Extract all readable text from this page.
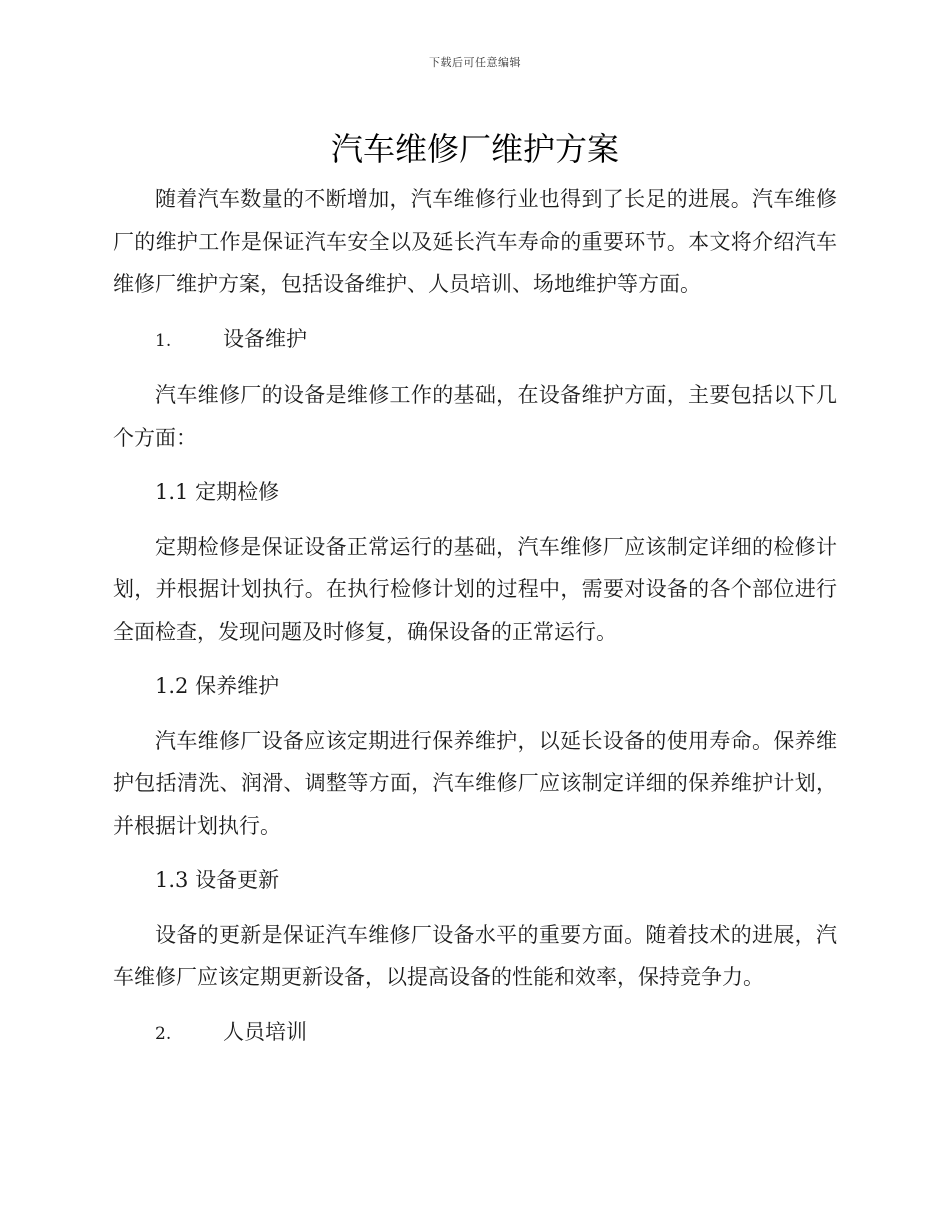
下载后可任意编辑
汽车维修厂维护方案

随着汽车数量的不断增加，汽车维修行业也得到了长足的进展。汽车维修厂的维护工作是保证汽车安全以及延长汽车寿命的重要环节。本文将介绍汽车维修厂维护方案，包括设备维护、人员培训、场地维护等方面。

1. 设备维护

汽车维修厂的设备是维修工作的基础，在设备维护方面，主要包括以下几个方面：

1.1 定期检修

定期检修是保证设备正常运行的基础，汽车维修厂应该制定详细的检修计划，并根据计划执行。在执行检修计划的过程中，需要对设备的各个部位进行全面检查，发现问题及时修复，确保设备的正常运行。

1.2 保养维护

汽车维修厂设备应该定期进行保养维护，以延长设备的使用寿命。保养维护包括清洗、润滑、调整等方面，汽车维修厂应该制定详细的保养维护计划，并根据计划执行。

1.3 设备更新

设备的更新是保证汽车维修厂设备水平的重要方面。随着技术的进展，汽车维修厂应该定期更新设备，以提高设备的性能和效率，保持竞争力。

2. 人员培训
